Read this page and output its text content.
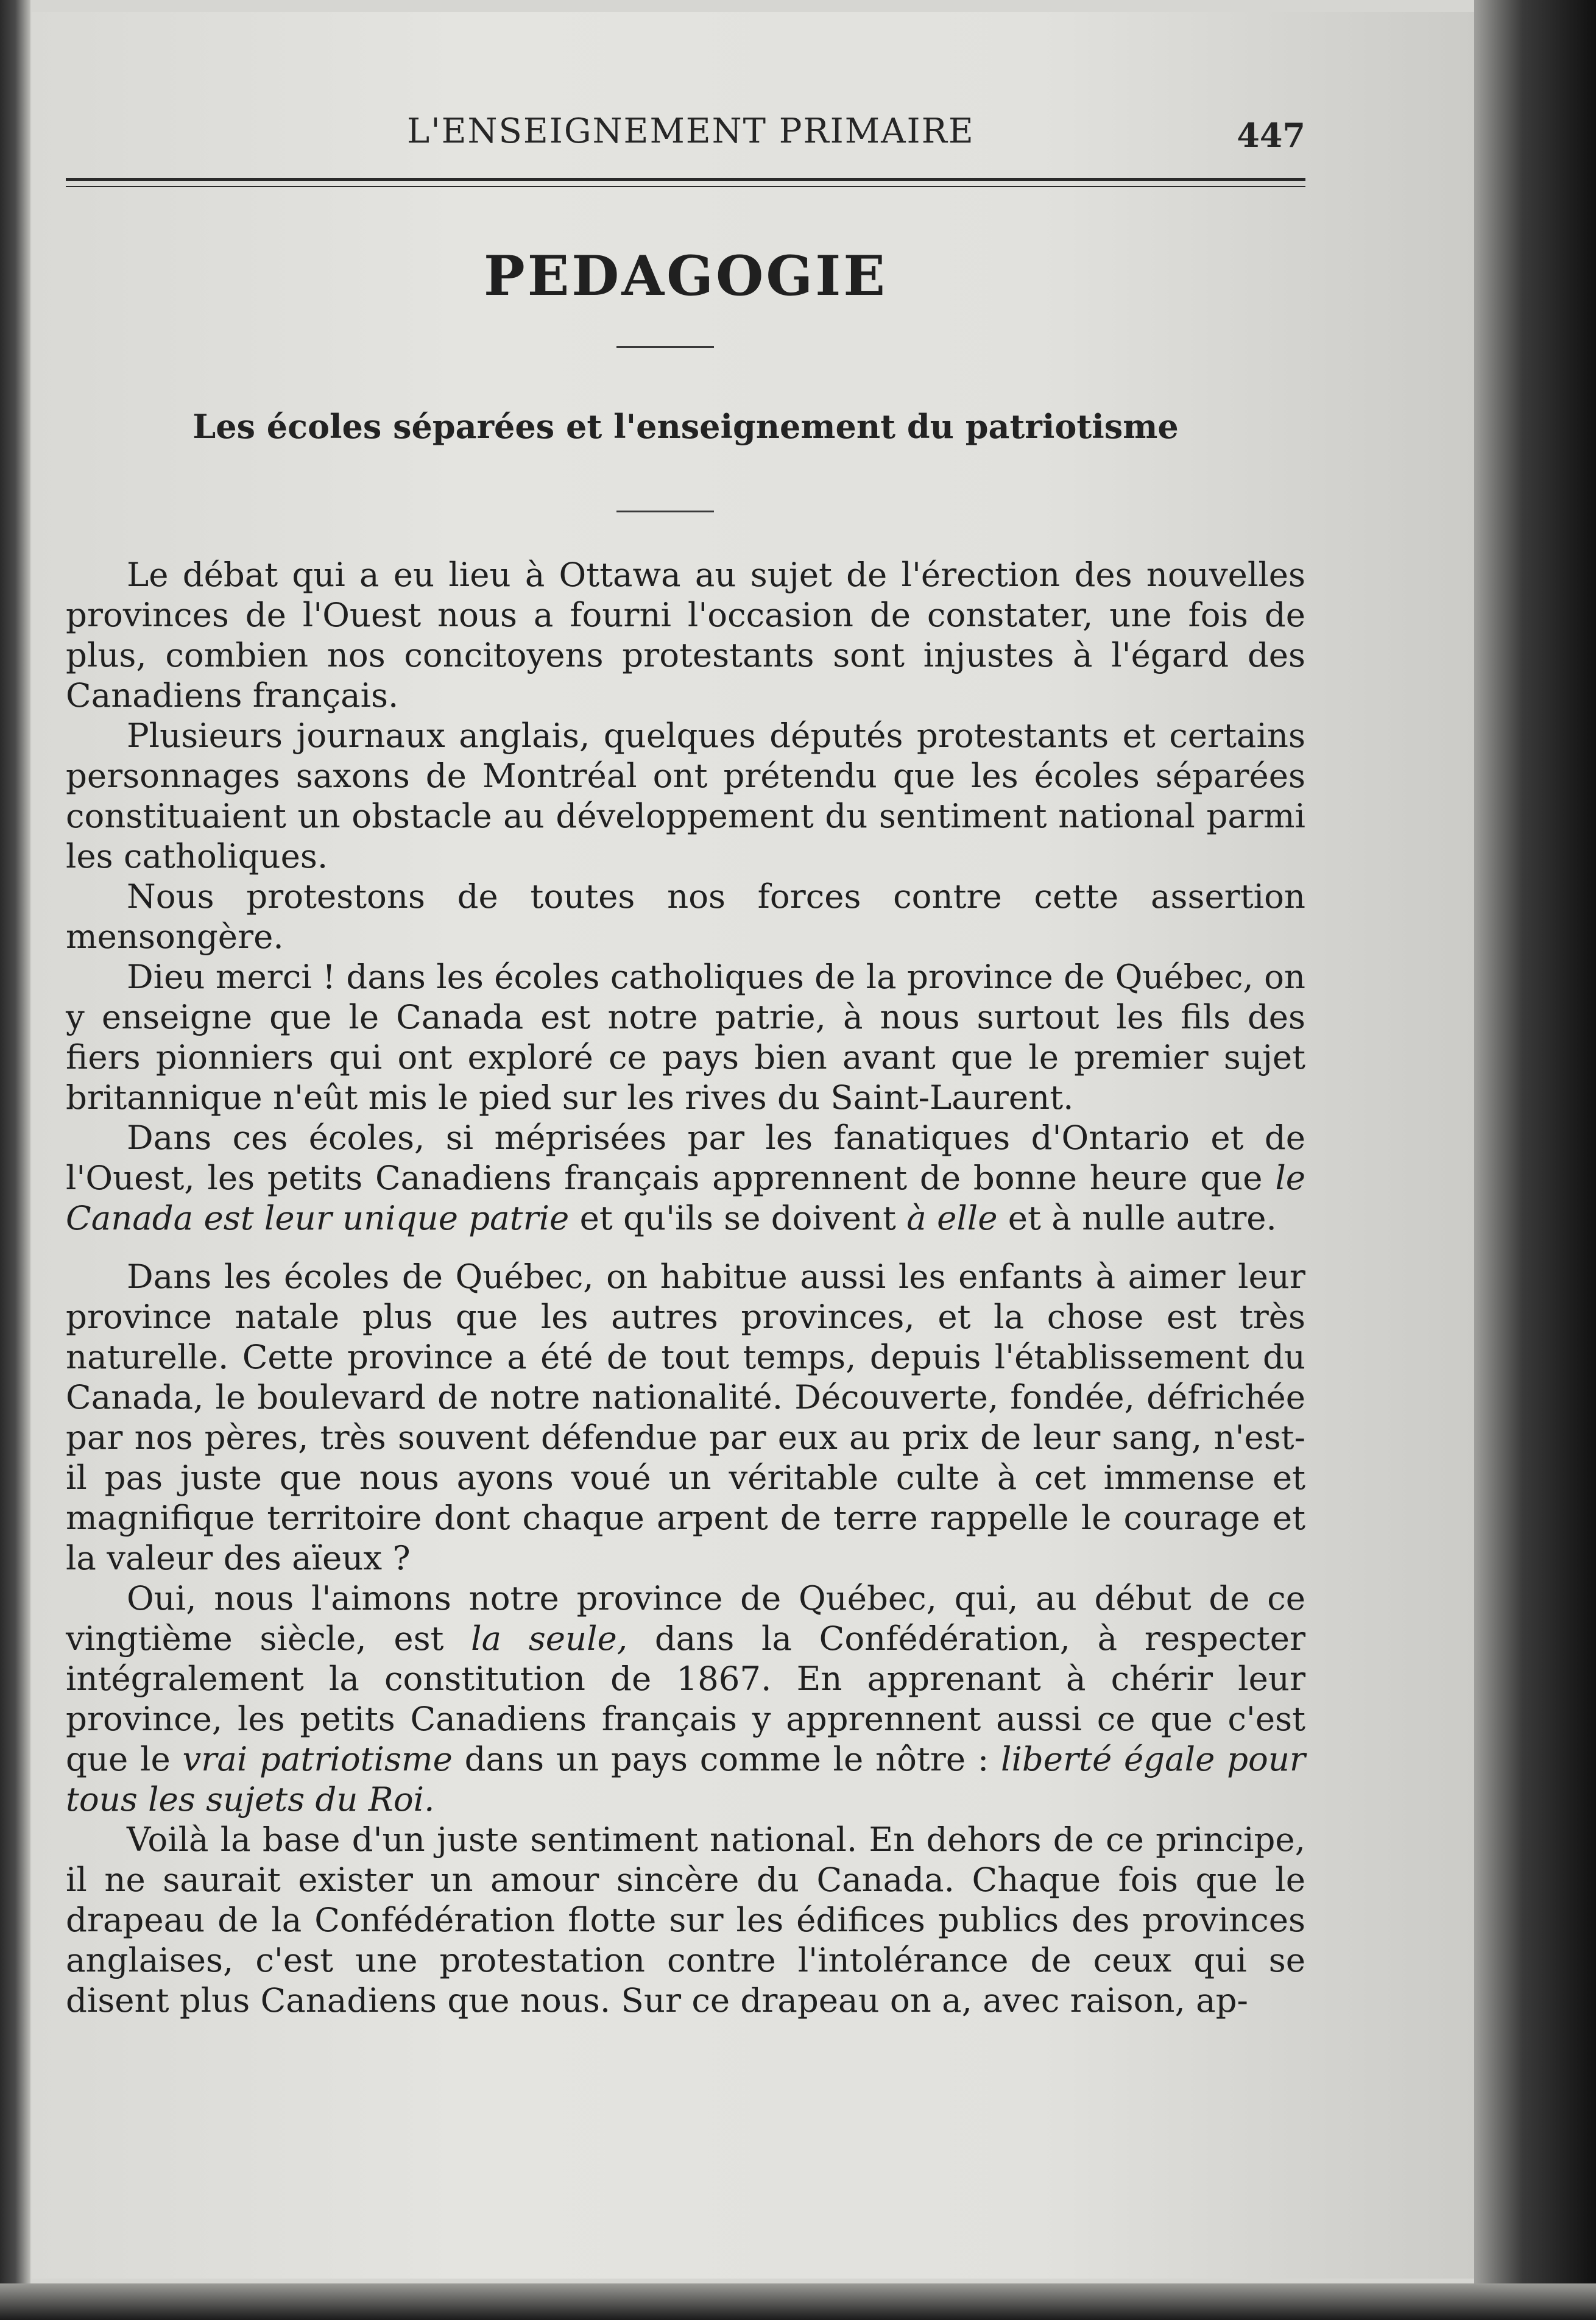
L'ENSEIGNEMENT PRIMAIRE	447
PEDAGOGIE
Les écoles séparées et l'enseignement du patriotisme

Le débat qui a eu lieu à Ottawa au sujet de l'érection des nouvelles provinces de l'Ouest nous a fourni l'occasion de constater, une fois de plus, combien nos concitoyens protestants sont injustes à l'égard des Canadiens français.

Plusieurs journaux anglais, quelques députés protestants et certains personnages saxons de Montréal ont prétendu que les écoles séparées constituaient un obstacle au développement du sentiment national parmi les catholiques.

Nous protestons de toutes nos forces contre cette assertion mensongère.

Dieu merci ! dans les écoles catholiques de la province de Québec, on y enseigne que le Canada est notre patrie, à nous surtout les fils des fiers pionniers qui ont exploré ce pays bien avant que le premier sujet britannique n'eût mis le pied sur les rives du Saint-Laurent.

Dans ces écoles, si méprisées par les fanatiques d'Ontario et de l'Ouest, les petits Canadiens français apprennent de bonne heure que le Canada est leur unique patrie et qu'ils se doivent à elle et à nulle autre.

Dans les écoles de Québec, on habitue aussi les enfants à aimer leur province natale plus que les autres provinces, et la chose est très naturelle. Cette province a été de tout temps, depuis l'établissement du Canada, le boulevard de notre nationalité. Découverte, fondée, défrichée par nos pères, très souvent défendue par eux au prix de leur sang, n'est-il pas juste que nous ayons voué un véritable culte à cet immense et magnifique territoire dont chaque arpent de terre rappelle le courage et la valeur des aïeux ?

Oui, nous l'aimons notre province de Québec, qui, au début de ce vingtième siècle, est la seule, dans la Confédération, à respecter intégralement la constitution de 1867. En apprenant à chérir leur province, les petits Canadiens français y apprennent aussi ce que c'est que le vrai patriotisme dans un pays comme le nôtre : liberté égale pour tous les sujets du Roi.

Voilà la base d'un juste sentiment national. En dehors de ce principe, il ne saurait exister un amour sincère du Canada. Chaque fois que le drapeau de la Confédération flotte sur les édifices publics des provinces anglaises, c'est une protestation contre l'intolérance de ceux qui se disent plus Canadiens que nous. Sur ce drapeau on a, avec raison, ap-
